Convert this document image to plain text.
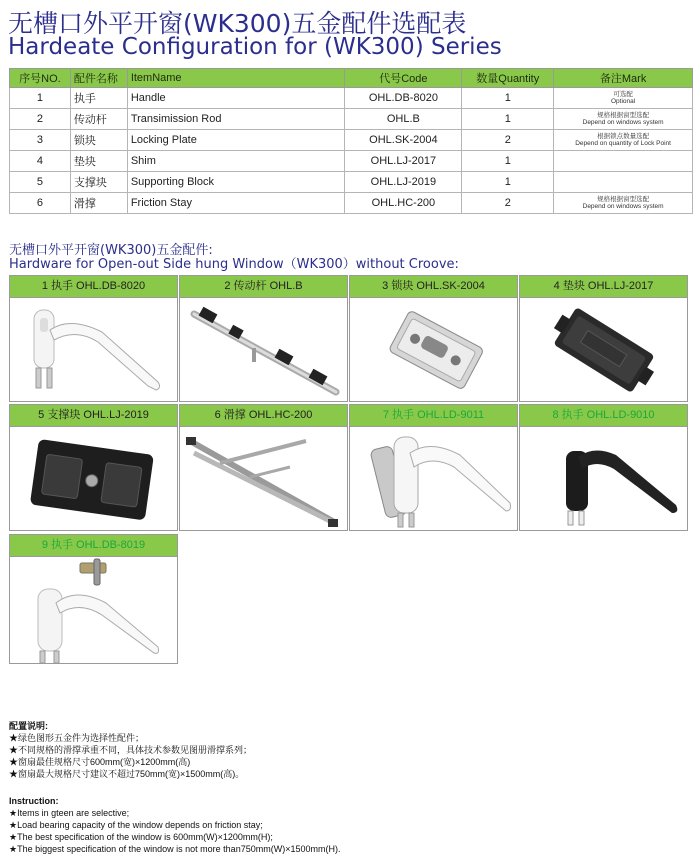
无槽口外平开窗(WK300)五金配件选配表
Hardeate Configuration for (WK300) Series
序号NO.	配件名称	ItemName	代号Code	数量Quantity	备注Mark
1	执手	Handle	OHL.DB-8020	1	可选配
Optional

2	传动杆	Transimission Rod	OHL.B	1	规格根据窗型选配
Depend on windows system

3	锁块	Locking Plate	OHL.SK-2004	2	根据锁点数量选配
Depend on quantity of Lock Point

4	垫块	Shim	OHL.LJ-2017	1	

5	支撑块	Supporting Block	OHL.LJ-2019	1	

6	滑撑	Friction Stay	OHL.HC-200	2	规格根据窗型选配
Depend on windows system
无槽口外平开窗(WK300)五金配件:
Hardware for Open-out Side hung Window（WK300）without Croove:
1 执手 OHL.DB-8020	2 传动杆 OHL.B	3 锁块 OHL.SK-2004	4 垫块 OHL.LJ-2017
5 支撑块 OHL.LJ-2019	6 滑撑 OHL.HC-200	7 执手 OHL.LD-9011	8 执手 OHL.LD-9010
9 执手 OHL.DB-8019
配置说明:
★绿色图形五金件为选择性配件；
★不同规格的滑撑承重不同，具体技术参数见图册滑撑系列；
★窗扇最佳规格尺寸600mm(宽)×1200mm(高)
★窗扇最大规格尺寸建议不超过750mm(宽)×1500mm(高)。
Instruction:
★Items in gteen are selective;
★Load bearing capacity of the window depends on friction stay;
★The best specification of the window is 600mm(W)×1200mm(H);
★The biggest specification of the window is not more than750mm(W)×1500mm(H).
